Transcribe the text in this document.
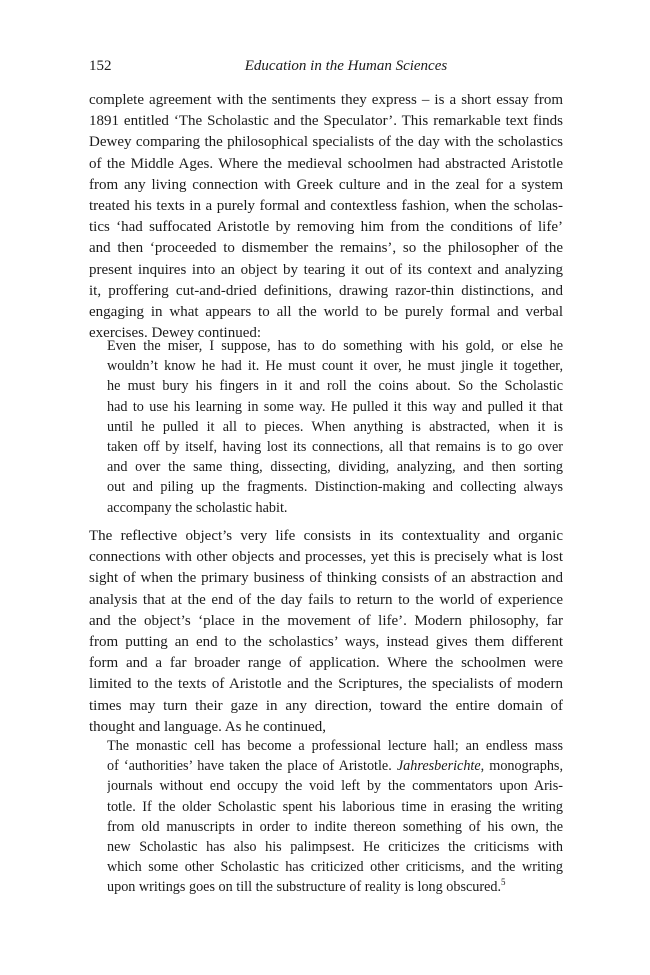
152	Education in the Human Sciences
complete agreement with the sentiments they express – is a short essay from
1891 entitled ‘The Scholastic and the Speculator’. This remarkable text finds
Dewey comparing the philosophical specialists of the day with the scholastics
of the Middle Ages. Where the medieval schoolmen had abstracted Aristotle
from any living connection with Greek culture and in the zeal for a system
treated his texts in a purely formal and contextless fashion, when the scholas-
tics ‘had suffocated Aristotle by removing him from the conditions of life’
and then ‘proceeded to dismember the remains’, so the philosopher of the
present inquires into an object by tearing it out of its context and analyzing
it, proffering cut-and-dried definitions, drawing razor-thin distinctions, and
engaging in what appears to all the world to be purely formal and verbal
exercises. Dewey continued:
Even the miser, I suppose, has to do something with his gold, or else he
wouldn’t know he had it. He must count it over, he must jingle it together,
he must bury his fingers in it and roll the coins about. So the Scholastic
had to use his learning in some way. He pulled it this way and pulled it that
until he pulled it all to pieces. When anything is abstracted, when it is
taken off by itself, having lost its connections, all that remains is to go over
and over the same thing, dissecting, dividing, analyzing, and then sorting
out and piling up the fragments. Distinction-making and collecting always
accompany the scholastic habit.
The reflective object’s very life consists in its contextuality and organic
connections with other objects and processes, yet this is precisely what is lost
sight of when the primary business of thinking consists of an abstraction and
analysis that at the end of the day fails to return to the world of experience
and the object’s ‘place in the movement of life’. Modern philosophy, far
from putting an end to the scholastics’ ways, instead gives them different
form and a far broader range of application. Where the schoolmen were
limited to the texts of Aristotle and the Scriptures, the specialists of modern
times may turn their gaze in any direction, toward the entire domain of
thought and language. As he continued,
The monastic cell has become a professional lecture hall; an endless mass
of ‘authorities’ have taken the place of Aristotle. Jahresberichte, monographs,
journals without end occupy the void left by the commentators upon Aris-
totle. If the older Scholastic spent his laborious time in erasing the writing
from old manuscripts in order to indite thereon something of his own, the
new Scholastic has also his palimpsest. He criticizes the criticisms with
which some other Scholastic has criticized other criticisms, and the writing
upon writings goes on till the substructure of reality is long obscured.$^5$
